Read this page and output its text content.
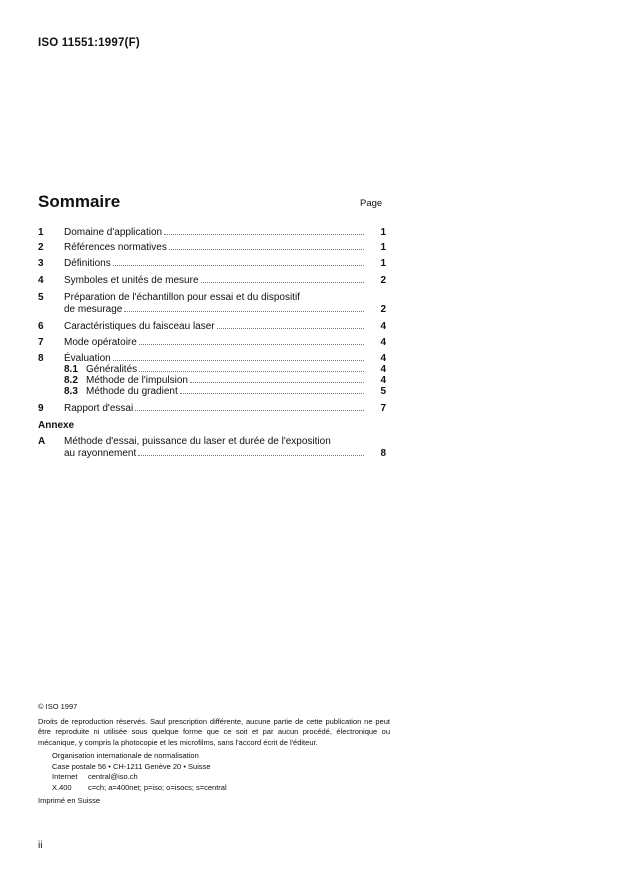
ISO 11551:1997(F)
Sommaire	Page
1 Domaine d'application	1
2 Références normatives	1
3 Définitions	1
4 Symboles et unités de mesure	2
5 Préparation de l'échantillon pour essai et du dispositif
de mesurage	2
6 Caractéristiques du faisceau laser	4
7 Mode opératoire	4
8 Évaluation	4
8.1 Généralités	4
8.2 Méthode de l'impulsion	4
8.3 Méthode du gradient	5
9 Rapport d'essai	7
Annexe
A Méthode d'essai, puissance du laser et durée de l'exposition
au rayonnement	8

© ISO 1997

Droits de reproduction réservés. Sauf prescription différente, aucune partie de cette publication ne peut être reproduite ni utilisée sous quelque forme que ce soit et par aucun procédé, électronique ou mécanique, y compris la photocopie et les microfilms, sans l'accord écrit de l'éditeur.

Organisation internationale de normalisation

Case postale 56 • CH-1211 Genève 20 • Suisse

Internet central@iso.ch

X.400 c=ch; a=400net; p=iso; o=isocs; s=central

Imprimé en Suisse

ii
